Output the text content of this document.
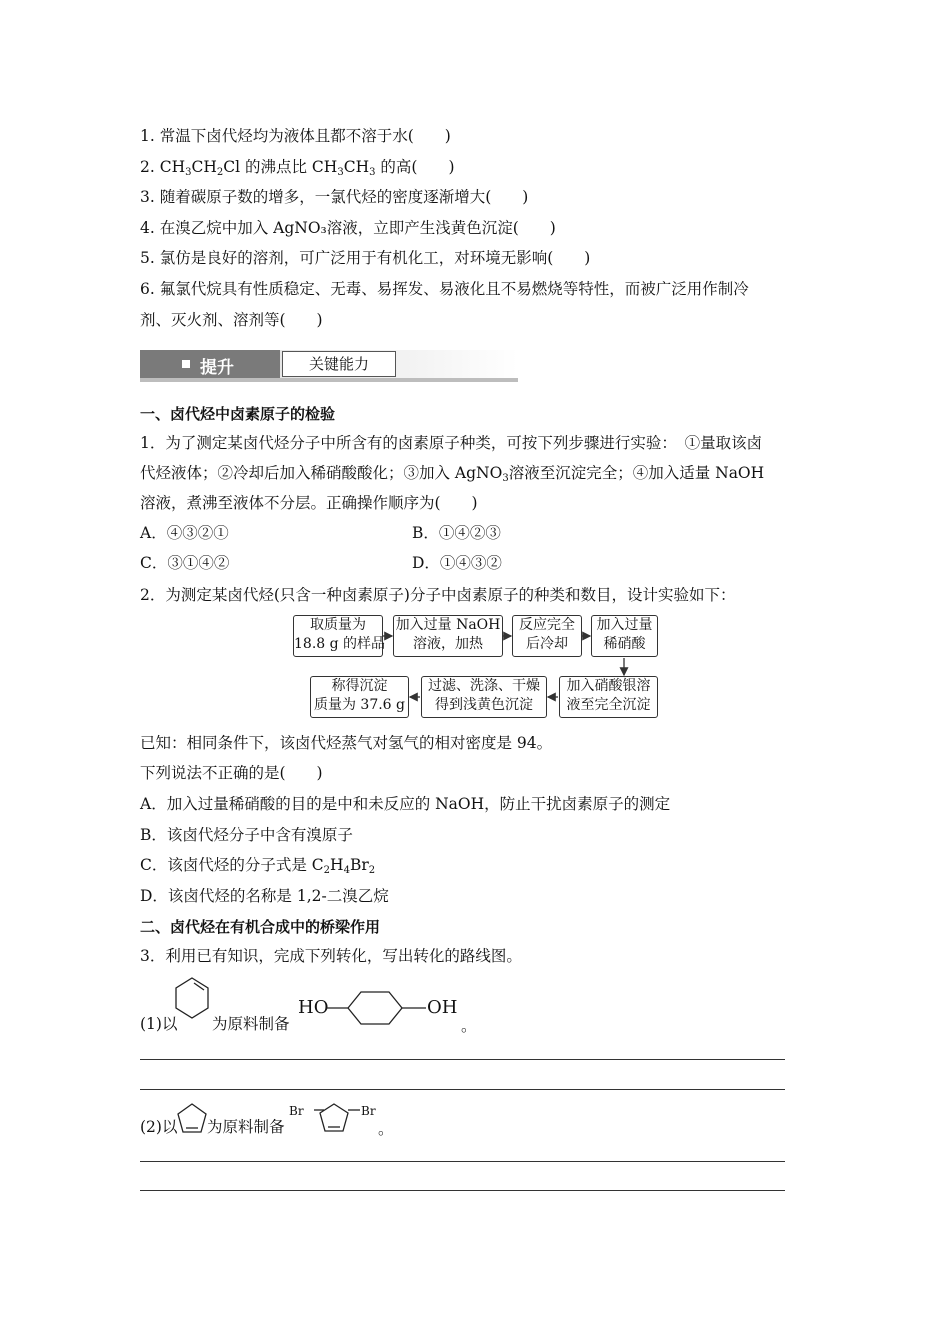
1. 常温下卤代烃均为液体且都不溶于水(　　)
2. $CH_3CH_2Cl$ 的沸点比 $CH_3CH_3$ 的高(　　)
3. 随着碳原子数的增多，一氯代烃的密度逐渐增大(　　)
4. 在溴乙烷中加入 AgNO₃溶液，立即产生浅黄色沉淀(　　)
5. 氯仿是良好的溶剂，可广泛用于有机化工，对环境无影响(　　)
6. 氟氯代烷具有性质稳定、无毒、易挥发、易液化且不易燃烧等特性，而被广泛用作制冷
剂、灭火剂、溶剂等(　　)
提升	关键能力
一、卤代烃中卤素原子的检验
1．为了测定某卤代烃分子中所含有的卤素原子种类，可按下列步骤进行实验：　①量取该卤
代烃液体；②冷却后加入稀硝酸酸化；③加入 AgNO$_3$溶液至沉淀完全；④加入适量 NaOH
溶液，煮沸至液体不分层。正确操作顺序为(　　)
A．④③②①	B．①④②③
C．③①④②	D．①④③②
2．为测定某卤代烃(只含一种卤素原子)分子中卤素原子的种类和数目，设计实验如下：
取质量为
18.8 g 的样品
加入过量 NaOH
溶液，加热
反应完全
后冷却
加入过量
稀硝酸
加入硝酸银溶
液至完全沉淀
过滤、洗涤、干燥
得到浅黄色沉淀
称得沉淀
质量为 37.6 g
已知：相同条件下，该卤代烃蒸气对氢气的相对密度是 94。
下列说法不正确的是(　　)
A．加入过量稀硝酸的目的是中和未反应的 NaOH，防止干扰卤素原子的测定
B．该卤代烃分子中含有溴原子
C．该卤代烃的分子式是 $C_2H_4Br_2$
D．该卤代烃的名称是 1,2-二溴乙烷
二、卤代烃在有机合成中的桥梁作用
3．利用已有知识，完成下列转化，写出转化的路线图。
(1)以 为原料制备
HO	OH
。
(2)以 为原料制备
Br	Br
。
